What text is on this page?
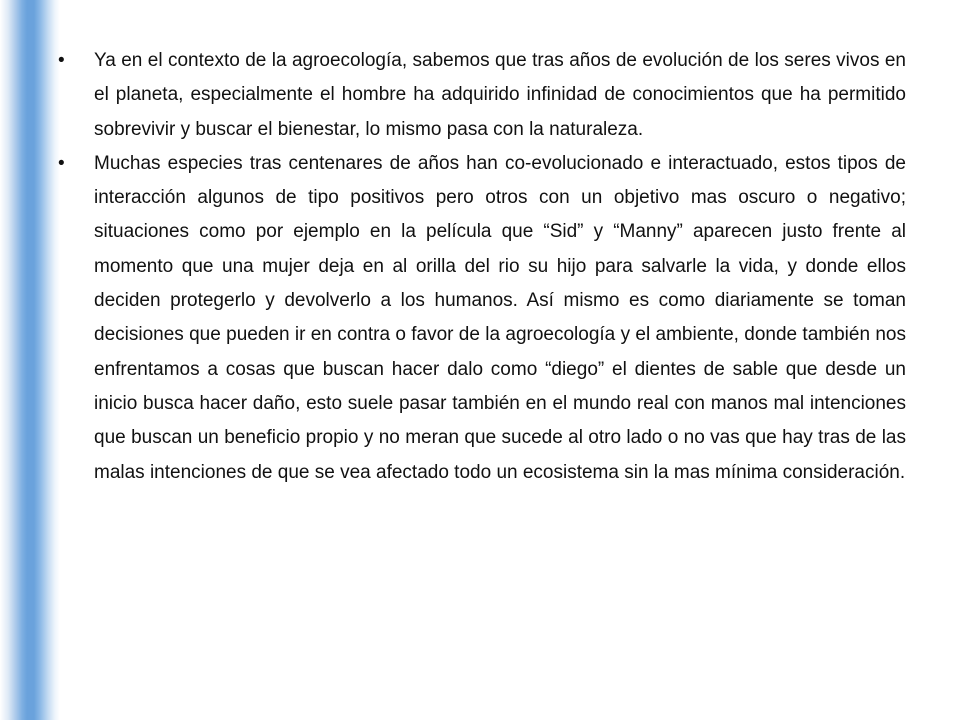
•	Ya en el contexto de la agroecología, sabemos que tras años de evolución de los seres vivos en el planeta, especialmente el hombre ha adquirido infinidad de conocimientos que ha permitido sobrevivir y buscar el bienestar, lo mismo pasa con la naturaleza.

•	Muchas especies tras centenares de años han co-evolucionado e interactuado, estos tipos de interacción algunos de tipo positivos pero otros con un objetivo mas oscuro o negativo; situaciones como por ejemplo en la película que “Sid” y “Manny” aparecen justo frente al momento que una mujer deja en al orilla del rio su hijo para salvarle la vida, y donde ellos deciden protegerlo y devolverlo a los humanos. Así mismo es como diariamente se toman decisiones que pueden ir en contra o favor de la agroecología y el ambiente, donde también nos enfrentamos a cosas que buscan hacer dalo como “diego” el dientes de sable que desde un inicio busca hacer daño, esto suele pasar también en el mundo real con manos mal intenciones que buscan un beneficio propio y no meran que sucede al otro lado o no vas que hay tras de las malas intenciones de que se vea afectado todo un ecosistema sin la mas mínima consideración.
